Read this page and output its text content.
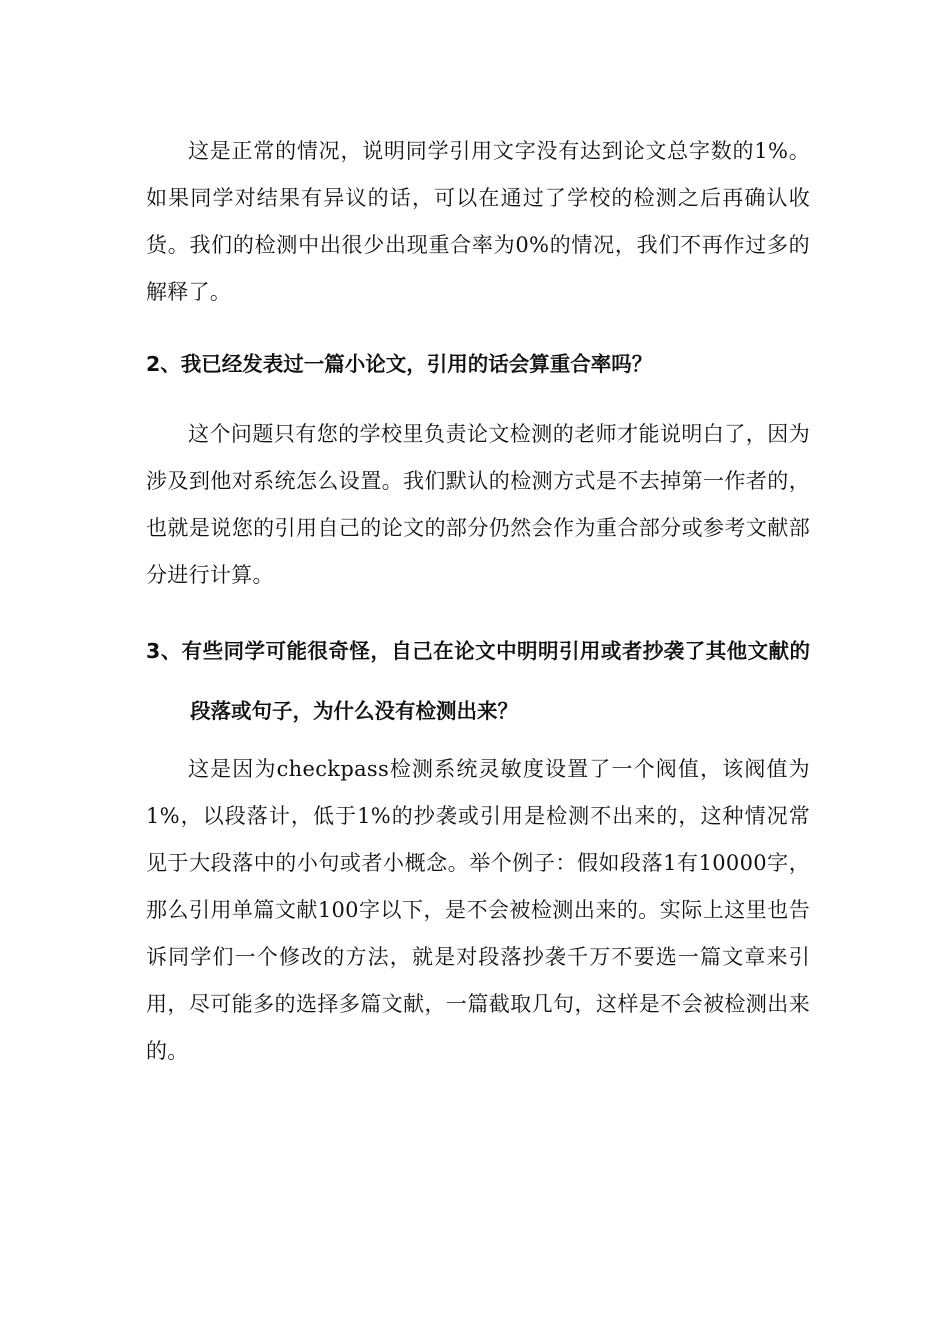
这是正常的情况，说明同学引用文字没有达到论文总字数的1%。如果同学对结果有异议的话，可以在通过了学校的检测之后再确认收货。我们的检测中出很少出现重合率为0%的情况，我们不再作过多的解释了。

2、我已经发表过一篇小论文，引用的话会算重合率吗？

这个问题只有您的学校里负责论文检测的老师才能说明白了，因为涉及到他对系统怎么设置。我们默认的检测方式是不去掉第一作者的，也就是说您的引用自己的论文的部分仍然会作为重合部分或参考文献部分进行计算。

3、有些同学可能很奇怪，自己在论文中明明引用或者抄袭了其他文献的段落或句子，为什么没有检测出来？

这是因为checkpass检测系统灵敏度设置了一个阀值，该阀值为1%，以段落计，低于1%的抄袭或引用是检测不出来的，这种情况常见于大段落中的小句或者小概念。举个例子：假如段落1有10000字，那么引用单篇文献100字以下，是不会被检测出来的。实际上这里也告诉同学们一个修改的方法，就是对段落抄袭千万不要选一篇文章来引用，尽可能多的选择多篇文献，一篇截取几句，这样是不会被检测出来的。
